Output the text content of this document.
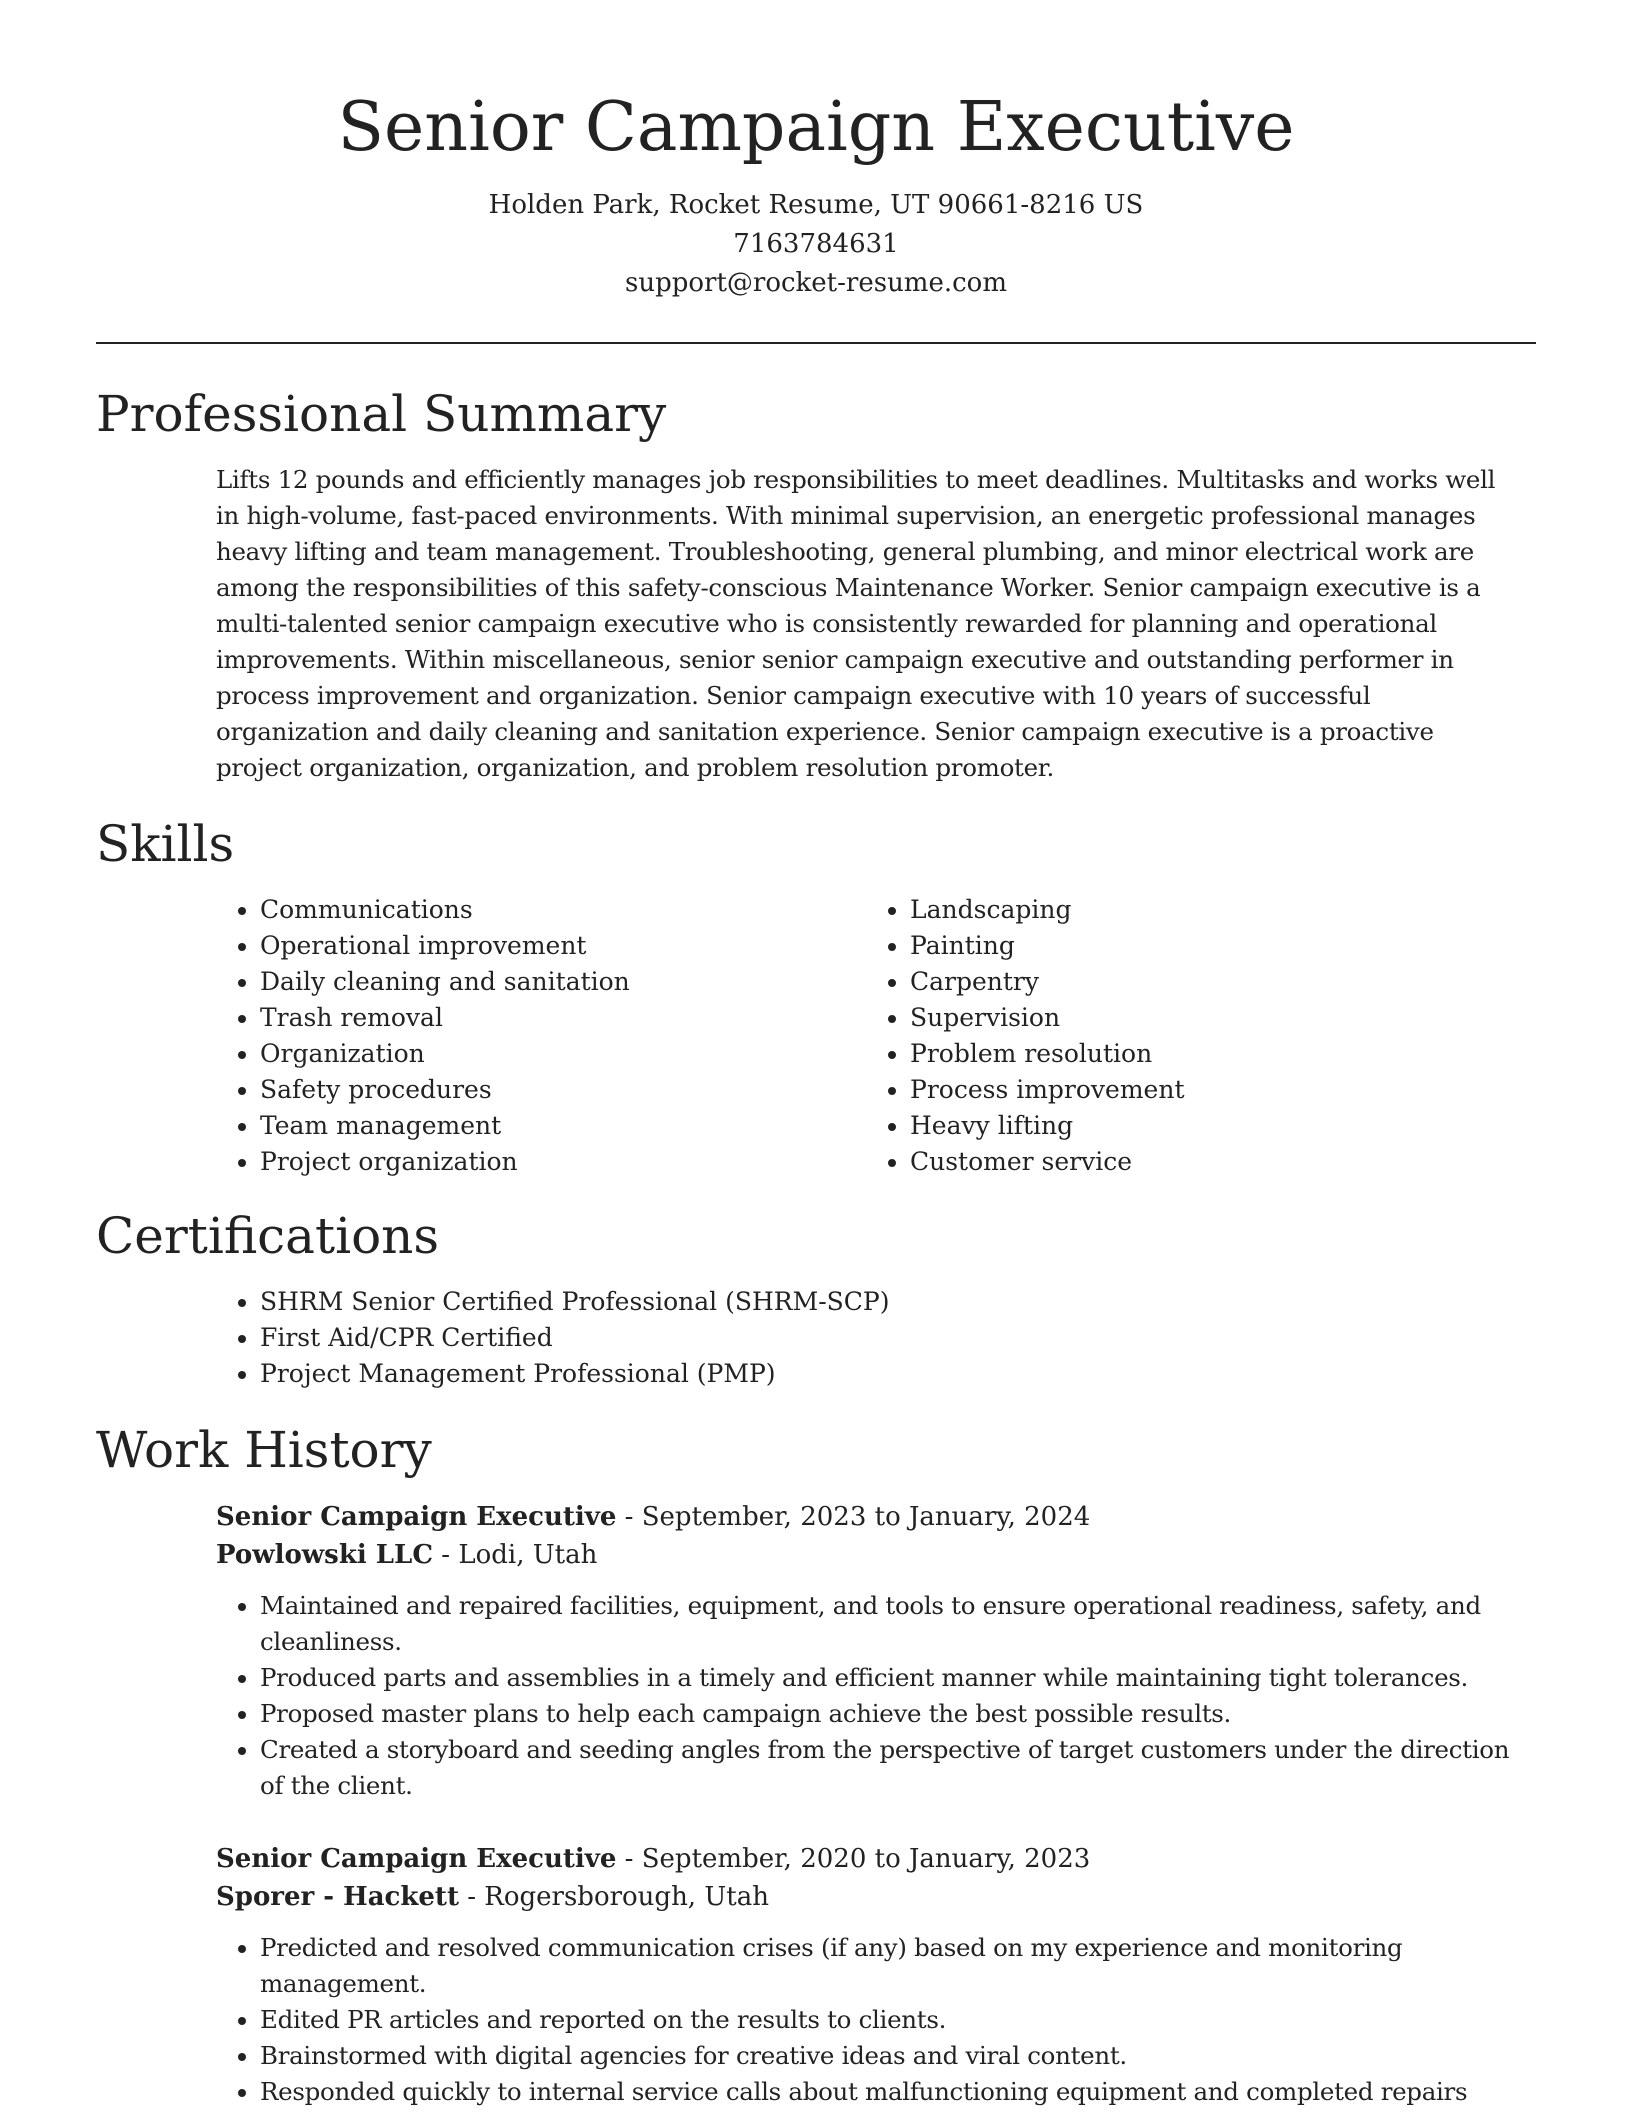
Senior Campaign Executive
Holden Park, Rocket Resume, UT 90661-8216 US
7163784631
support@rocket-resume.com
Professional Summary

Lifts 12 pounds and efficiently manages job responsibilities to meet deadlines. Multitasks and works well in high-volume, fast-paced environments. With minimal supervision, an energetic professional manages heavy lifting and team management. Troubleshooting, general plumbing, and minor electrical work are among the responsibilities of this safety-conscious Maintenance Worker. Senior campaign executive is a multi-talented senior campaign executive who is consistently rewarded for planning and operational improvements. Within miscellaneous, senior senior campaign executive and outstanding performer in process improvement and organization. Senior campaign executive with 10 years of successful organization and daily cleaning and sanitation experience. Senior campaign executive is a proactive project organization, organization, and problem resolution promoter.

Skills
• Communications
• Operational improvement
• Daily cleaning and sanitation
• Trash removal
• Organization
• Safety procedures
• Team management
• Project organization
• Landscaping
• Painting
• Carpentry
• Supervision
• Problem resolution
• Process improvement
• Heavy lifting
• Customer service
Certifications
• SHRM Senior Certified Professional (SHRM-SCP)
• First Aid/CPR Certified
• Project Management Professional (PMP)
Work History
Senior Campaign Executive - September, 2023 to January, 2024
Powlowski LLC - Lodi, Utah
• Maintained and repaired facilities, equipment, and tools to ensure operational readiness, safety, and cleanliness.
• Produced parts and assemblies in a timely and efficient manner while maintaining tight tolerances.
• Proposed master plans to help each campaign achieve the best possible results.
• Created a storyboard and seeding angles from the perspective of target customers under the direction of the client.
Senior Campaign Executive - September, 2020 to January, 2023
Sporer - Hackett - Rogersborough, Utah
• Predicted and resolved communication crises (if any) based on my experience and monitoring management.
• Edited PR articles and reported on the results to clients.
• Brainstormed with digital agencies for creative ideas and viral content.
• Responded quickly to internal service calls about malfunctioning equipment and completed repairs
